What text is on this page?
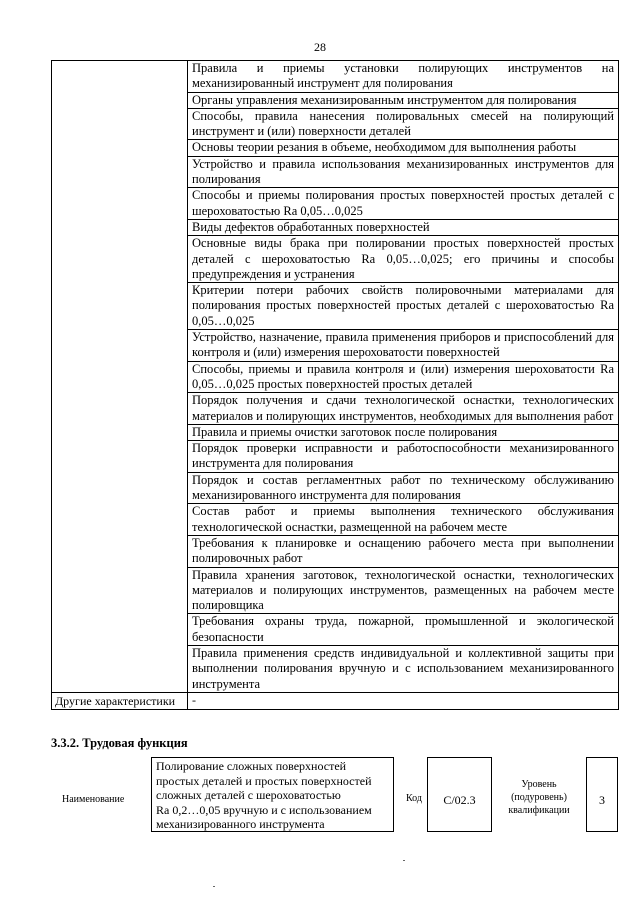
28
	Правила и приемы установки полирующих инструментов на механизированный инструмент для полирования
	Органы управления механизированным инструментом для полирования
	Способы, правила нанесения полировальных смесей на полирующий инструмент и (или) поверхности деталей
	Основы теории резания в объеме, необходимом для выполнения работы
	Устройство и правила использования механизированных инструментов для полирования
	Способы и приемы полирования простых поверхностей простых деталей с шероховатостью Ra 0,05…0,025
	Виды дефектов обработанных поверхностей
	Основные виды брака при полировании простых поверхностей простых деталей с шероховатостью Ra 0,05…0,025; его причины и способы предупреждения и устранения
	Критерии потери рабочих свойств полировочными материалами для полирования простых поверхностей простых деталей с шероховатостью Ra 0,05…0,025
	Устройство, назначение, правила применения приборов и приспособлений для контроля и (или) измерения шероховатости поверхностей
	Способы, приемы и правила контроля и (или) измерения шероховатости Ra 0,05…0,025 простых поверхностей простых деталей
	Порядок получения и сдачи технологической оснастки, технологических материалов и полирующих инструментов, необходимых для выполнения работ
	Правила и приемы очистки заготовок после полирования
	Порядок проверки исправности и работоспособности механизированного инструмента для полирования
	Порядок и состав регламентных работ по техническому обслуживанию механизированного инструмента для полирования
	Состав работ и приемы выполнения технического обслуживания технологической оснастки, размещенной на рабочем месте
	Требования к планировке и оснащению рабочего места при выполнении полировочных работ
	Правила хранения заготовок, технологической оснастки, технологических материалов и полирующих инструментов, размещенных на рабочем месте полировщика
	Требования охраны труда, пожарной, промышленной и экологической безопасности
	Правила применения средств индивидуальной и коллективной защиты при выполнении полирования вручную и с использованием механизированного инструмента
Другие характеристики	-
3.3.2. Трудовая функция
Наименование
Полирование сложных поверхностей
простых деталей и простых поверхностей
сложных деталей с шероховатостью
Ra 0,2…0,05 вручную и с использованием
механизированного инструмента
Код	C/02.3
Уровень
(подуровень)
квалификации
3
